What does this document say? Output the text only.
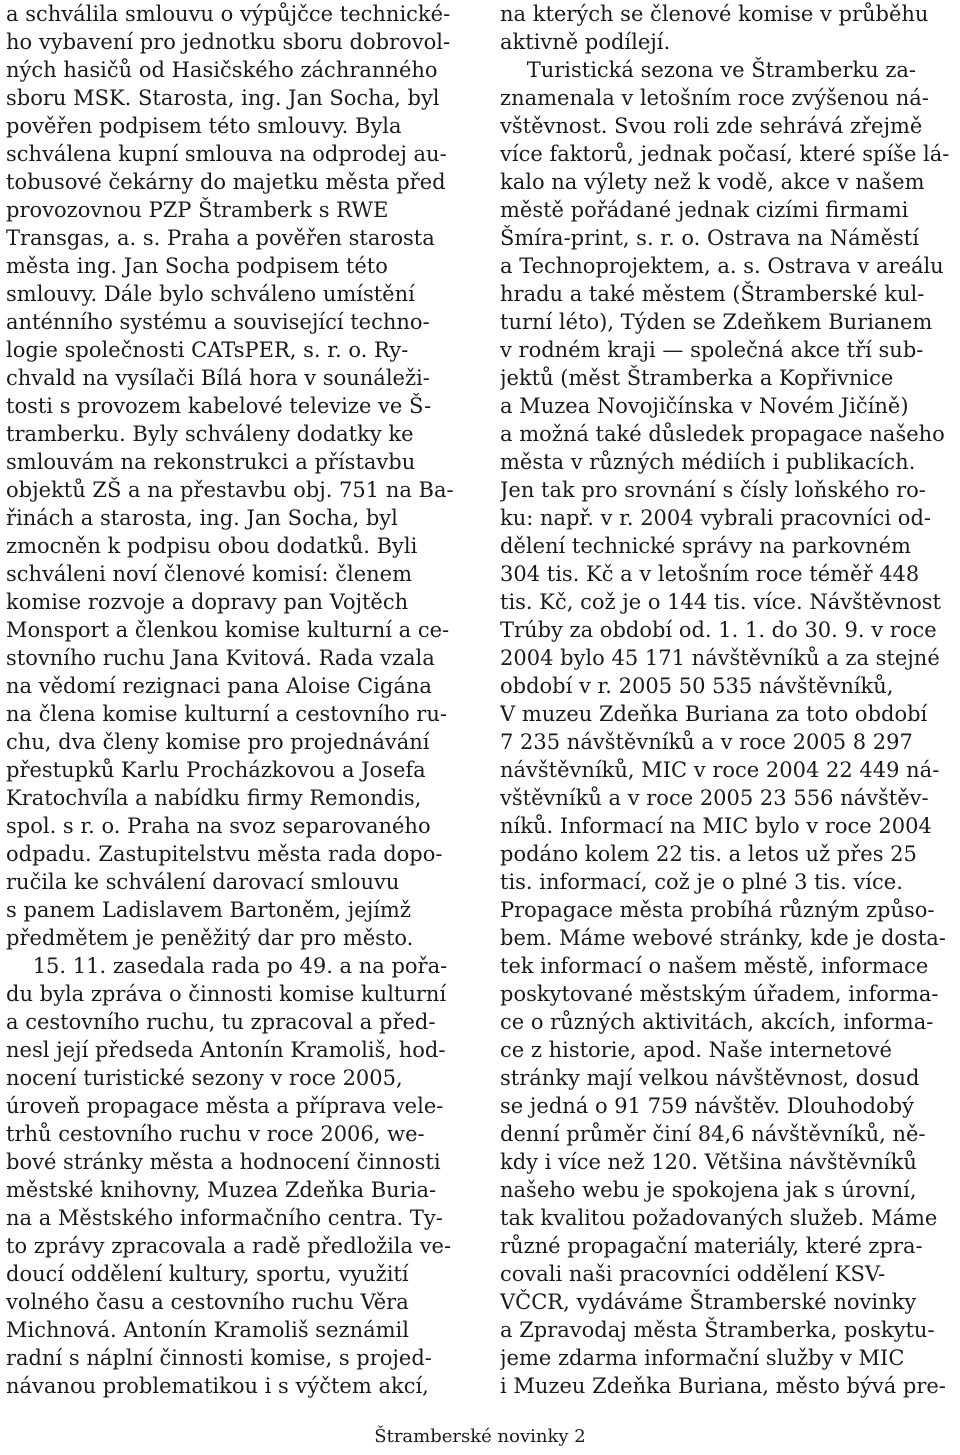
a schválila smlouvu o výpůjčce technické-
ho vybavení pro jednotku sboru dobrovol-
ných hasičů od Hasičského záchranného
sboru MSK. Starosta, ing. Jan Socha, byl
pověřen podpisem této smlouvy. Byla
schválena kupní smlouva na odprodej au-
tobusové čekárny do majetku města před
provozovnou PZP Štramberk s RWE
Transgas, a. s. Praha a pověřen starosta
města ing. Jan Socha podpisem této
smlouvy. Dále bylo schváleno umístění
anténního systému a související techno-
logie společnosti CATsPER, s. r. o. Ry-
chvald na vysílači Bílá hora v sounáleži-
tosti s provozem kabelové televize ve Š-
tramberku. Byly schváleny dodatky ke
smlouvám na rekonstrukci a přístavbu
objektů ZŠ a na přestavbu obj. 751 na Ba-
řinách a starosta, ing. Jan Socha, byl
zmocněn k podpisu obou dodatků. Byli
schváleni noví členové komisí: členem
komise rozvoje a dopravy pan Vojtěch
Monsport a členkou komise kulturní a ce-
stovního ruchu Jana Kvitová. Rada vzala
na vědomí rezignaci pana Aloise Cigána
na člena komise kulturní a cestovního ru-
chu, dva členy komise pro projednávání
přestupků Karlu Procházkovou a Josefa
Kratochvíla a nabídku firmy Remondis,
spol. s r. o. Praha na svoz separovaného
odpadu. Zastupitelstvu města rada dopo-
ručila ke schválení darovací smlouvu
s panem Ladislavem Bartoněm, jejímž
předmětem je peněžitý dar pro město.
15. 11. zasedala rada po 49. a na pořa-
du byla zpráva o činnosti komise kulturní
a cestovního ruchu, tu zpracoval a před-
nesl její předseda Antonín Kramoliš, hod-
nocení turistické sezony v roce 2005,
úroveň propagace města a příprava vele-
trhů cestovního ruchu v roce 2006, we-
bové stránky města a hodnocení činnosti
městské knihovny, Muzea Zdeňka Buria-
na a Městského informačního centra. Ty-
to zprávy zpracovala a radě předložila ve-
doucí oddělení kultury, sportu, využití
volného času a cestovního ruchu Věra
Michnová. Antonín Kramoliš seznámil
radní s náplní činnosti komise, s projed-
návanou problematikou i s výčtem akcí,
na kterých se členové komise v průběhu
aktivně podílejí.
Turistická sezona ve Štramberku za-
znamenala v letošním roce zvýšenou ná-
vštěvnost. Svou roli zde sehrává zřejmě
více faktorů, jednak počasí, které spíše lá-
kalo na výlety než k vodě, akce v našem
městě pořádané jednak cizími firmami
Šmíra-print, s. r. o. Ostrava na Náměstí
a Technoprojektem, a. s. Ostrava v areálu
hradu a také městem (Štramberské kul-
turní léto), Týden se Zdeňkem Burianem
v rodném kraji — společná akce tří sub-
jektů (měst Štramberka a Kopřivnice
a Muzea Novojičínska v Novém Jičíně)
a možná také důsledek propagace našeho
města v různých médiích i publikacích.
Jen tak pro srovnání s čísly loňského ro-
ku: např. v r. 2004 vybrali pracovníci od-
dělení technické správy na parkovném
304 tis. Kč a v letošním roce téměř 448
tis. Kč, což je o 144 tis. více. Návštěvnost
Trúby za období od. 1. 1. do 30. 9. v roce
2004 bylo 45 171 návštěvníků a za stejné
období v r. 2005 50 535 návštěvníků,
V muzeu Zdeňka Buriana za toto období
7 235 návštěvníků a v roce 2005 8 297
návštěvníků, MIC v roce 2004 22 449 ná-
vštěvníků a v roce 2005 23 556 návštěv-
níků. Informací na MIC bylo v roce 2004
podáno kolem 22 tis. a letos už přes 25
tis. informací, což je o plné 3 tis. více.
Propagace města probíhá různým způso-
bem. Máme webové stránky, kde je dosta-
tek informací o našem městě, informace
poskytované městským úřadem, informa-
ce o různých aktivitách, akcích, informa-
ce z historie, apod. Naše internetové
stránky mají velkou návštěvnost, dosud
se jedná o 91 759 návštěv. Dlouhodobý
denní průměr činí 84,6 návštěvníků, ně-
kdy i více než 120. Většina návštěvníků
našeho webu je spokojena jak s úrovní,
tak kvalitou požadovaných služeb. Máme
různé propagační materiály, které zpra-
covali naši pracovníci oddělení KSV-
VČCR, vydáváme Štramberské novinky
a Zpravodaj města Štramberka, poskytu-
jeme zdarma informační služby v MIC
i Muzeu Zdeňka Buriana, město bývá pre-
Štramberské novinky 2
